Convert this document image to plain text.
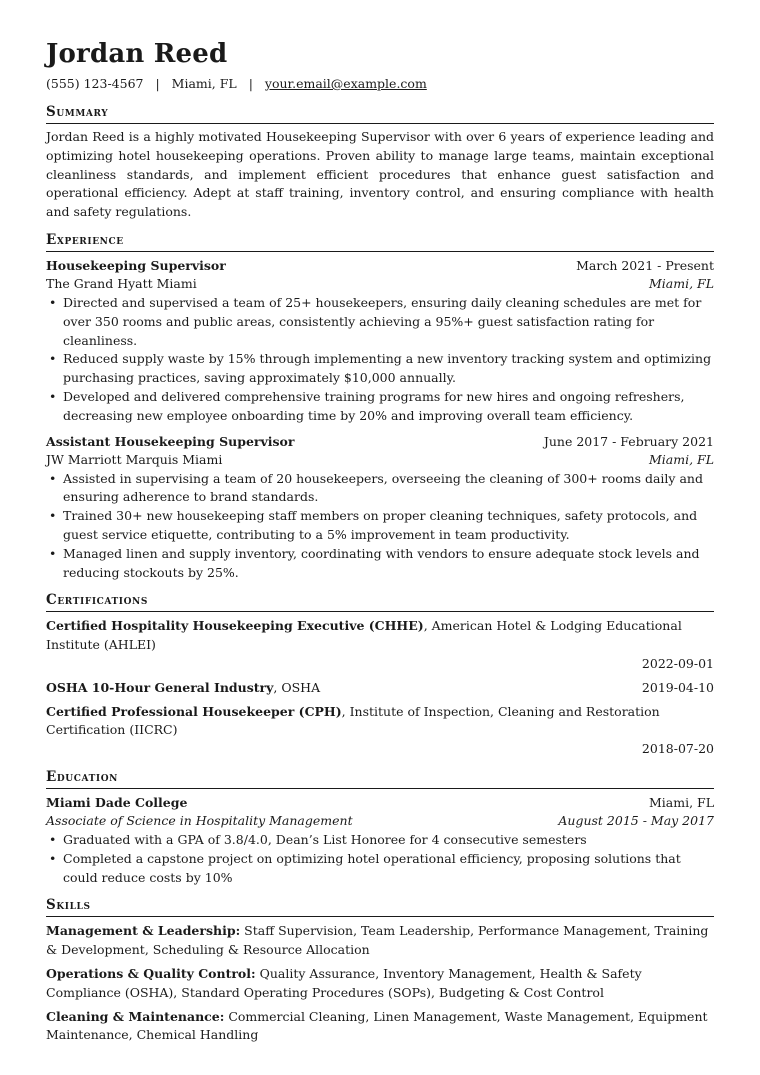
Jordan Reed
(555) 123-4567 | Miami, FL | your.email@example.com
Summary
Jordan Reed is a highly motivated Housekeeping Supervisor with over 6 years of experience leading and optimizing hotel housekeeping operations. Proven ability to manage large teams, maintain exceptional cleanliness standards, and implement efficient procedures that enhance guest satisfaction and operational efficiency. Adept at staff training, inventory control, and ensuring compliance with health and safety regulations.
Experience
Housekeeping Supervisor	March 2021 - Present
The Grand Hyatt Miami	Miami, FL
• Directed and supervised a team of 25+ housekeepers, ensuring daily cleaning schedules are met for over 350 rooms and public areas, consistently achieving a 95%+ guest satisfaction rating for cleanliness.
• Reduced supply waste by 15% through implementing a new inventory tracking system and optimizing purchasing practices, saving approximately $10,000 annually.
• Developed and delivered comprehensive training programs for new hires and ongoing refreshers, decreasing new employee onboarding time by 20% and improving overall team efficiency.
Assistant Housekeeping Supervisor	June 2017 - February 2021
JW Marriott Marquis Miami	Miami, FL
• Assisted in supervising a team of 20 housekeepers, overseeing the cleaning of 300+ rooms daily and ensuring adherence to brand standards.
• Trained 30+ new housekeeping staff members on proper cleaning techniques, safety protocols, and guest service etiquette, contributing to a 5% improvement in team productivity.
• Managed linen and supply inventory, coordinating with vendors to ensure adequate stock levels and reducing stockouts by 25%.
Certifications
Certified Hospitality Housekeeping Executive (CHHE), American Hotel & Lodging Educational Institute (AHLEI)
2022-09-01
OSHA 10-Hour General Industry, OSHA	2019-04-10
Certified Professional Housekeeper (CPH), Institute of Inspection, Cleaning and Restoration Certification (IICRC)
2018-07-20
Education
Miami Dade College	Miami, FL
Associate of Science in Hospitality Management	August 2015 - May 2017
• Graduated with a GPA of 3.8/4.0, Dean’s List Honoree for 4 consecutive semesters
• Completed a capstone project on optimizing hotel operational efficiency, proposing solutions that could reduce costs by 10%
Skills
Management & Leadership: Staff Supervision, Team Leadership, Performance Management, Training & Development, Scheduling & Resource Allocation
Operations & Quality Control: Quality Assurance, Inventory Management, Health & Safety Compliance (OSHA), Standard Operating Procedures (SOPs), Budgeting & Cost Control
Cleaning & Maintenance: Commercial Cleaning, Linen Management, Waste Management, Equipment Maintenance, Chemical Handling
